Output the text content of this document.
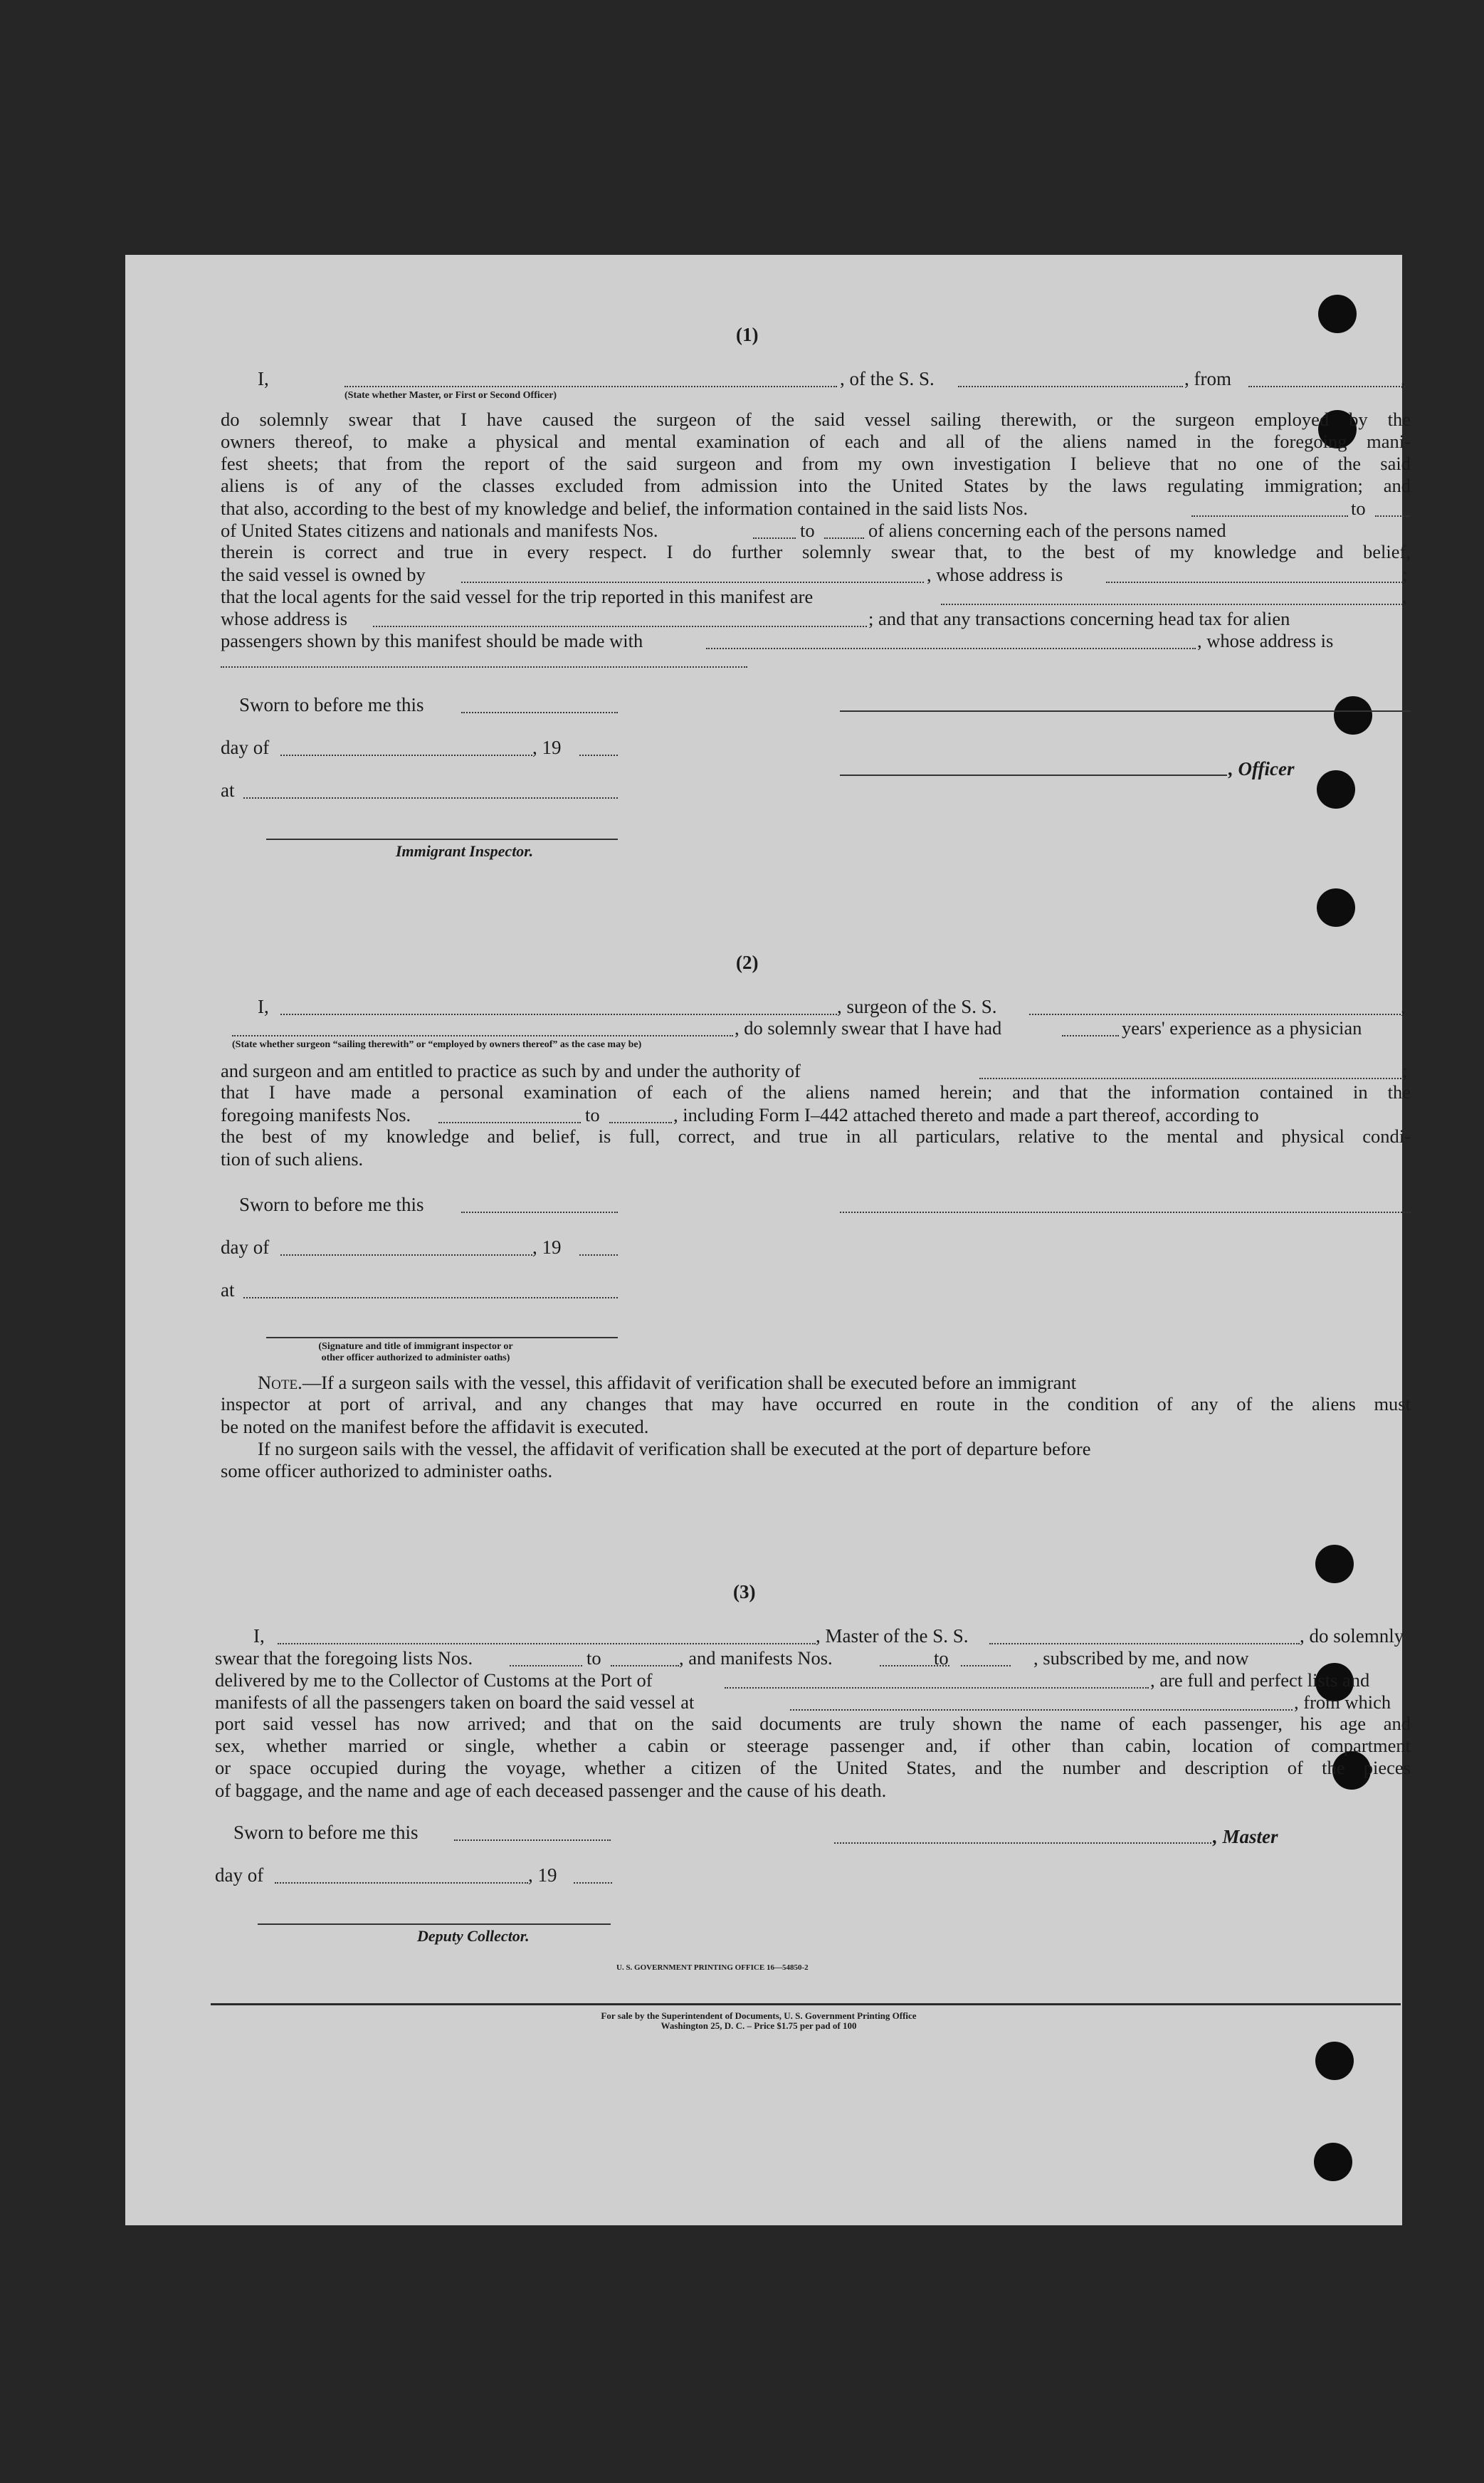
(1)
I,	, of the S. S.	, from	,
(State whether Master, or First or Second Officer)
do solemnly swear that I have caused the surgeon of the said vessel sailing therewith, or the surgeon employed by the
owners thereof, to make a physical and mental examination of each and all of the aliens named in the foregoing mani-
fest sheets; that from the report of the said surgeon and from my own investigation I believe that no one of the said
aliens is of any of the classes excluded from admission into the United States by the laws regulating immigration; and
that also, according to the best of my knowledge and belief, the information contained in the said lists Nos.	to
of United States citizens and nationals and manifests Nos.	to	of aliens concerning each of the persons named
therein is correct and true in every respect. I do further solemnly swear that, to the best of my knowledge and belief,
the said vessel is owned by	, whose address is	;
that the local agents for the said vessel for the trip reported in this manifest are	,
whose address is	; and that any transactions concerning head tax for alien
passengers shown by this manifest should be made with	, whose address is
Sworn to before me this
day of	, 19
, Officer
at
Immigrant Inspector.
(2)
I,	, surgeon of the S. S.	,
, do solemnly swear that I have had	years' experience as a physician
(State whether surgeon “sailing therewith” or “employed by owners thereof” as the case may be)
and surgeon and am entitled to practice as such by and under the authority of	;
that I have made a personal examination of each of the aliens named herein; and that the information contained in the
foregoing manifests Nos.	to	, including Form I–442 attached thereto and made a part thereof, according to
the best of my knowledge and belief, is full, correct, and true in all particulars, relative to the mental and physical condi-
tion of such aliens.
Sworn to before me this
day of	, 19
at
(Signature and title of immigrant inspector or
other officer authorized to administer oaths)
Note.—If a surgeon sails with the vessel, this affidavit of verification shall be executed before an immigrant
inspector at port of arrival, and any changes that may have occurred en route in the condition of any of the aliens must
be noted on the manifest before the affidavit is executed.
If no surgeon sails with the vessel, the affidavit of verification shall be executed at the port of departure before
some officer authorized to administer oaths.
(3)
I,	, Master of the S. S.	, do solemnly
swear that the foregoing lists Nos.	to	, and manifests Nos.	to	, subscribed by me, and now
delivered by me to the Collector of Customs at the Port of	, are full and perfect lists and
manifests of all the passengers taken on board the said vessel at	, from which
port said vessel has now arrived; and that on the said documents are truly shown the name of each passenger, his age and
sex, whether married or single, whether a cabin or steerage passenger and, if other than cabin, location of compartment
or space occupied during the voyage, whether a citizen of the United States, and the number and description of the pieces
of baggage, and the name and age of each deceased passenger and the cause of his death.
Sworn to before me this	, Master
day of	, 19
Deputy Collector.
U. S. GOVERNMENT PRINTING OFFICE 16—54850-2
For sale by the Superintendent of Documents, U. S. Government Printing Office
Washington 25, D. C. – Price $1.75 per pad of 100
